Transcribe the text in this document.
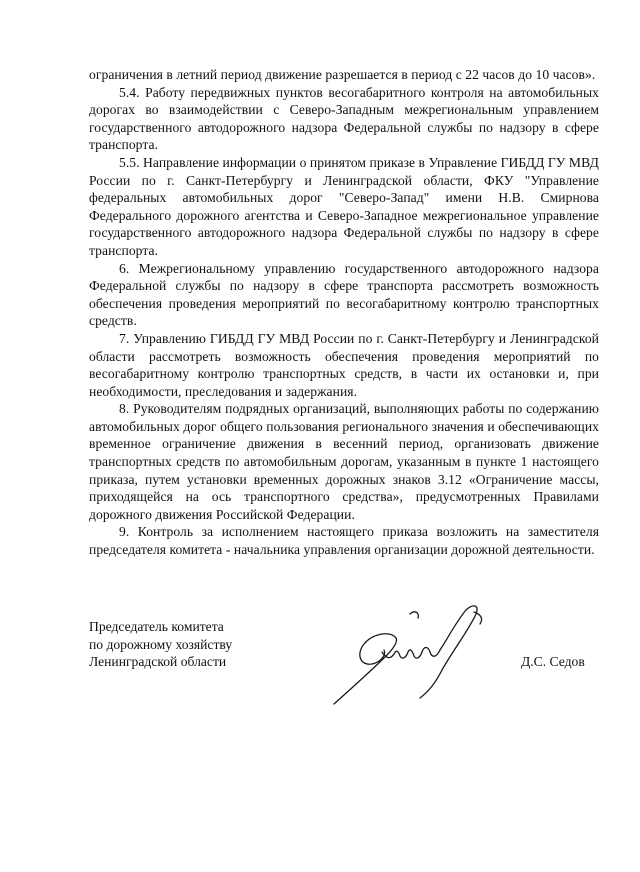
ограничения в летний период движение разрешается в период с 22 часов до 10 часов».

5.4. Работу передвижных пунктов весогабаритного контроля на автомобильных дорогах во взаимодействии с Северо-Западным межрегиональным управлением государственного автодорожного надзора Федеральной службы по надзору в сфере транспорта.

5.5. Направление информации о принятом приказе в Управление ГИБДД ГУ МВД России по г. Санкт-Петербургу и Ленинградской области, ФКУ "Управление федеральных автомобильных дорог "Северо-Запад" имени Н.В. Смирнова Федерального дорожного агентства и Северо-Западное межрегиональное управление государственного автодорожного надзора Федеральной службы по надзору в сфере транспорта.

6. Межрегиональному управлению государственного автодорожного надзора Федеральной службы по надзору в сфере транспорта рассмотреть возможность обеспечения проведения мероприятий по весогабаритному контролю транспортных средств.

7. Управлению ГИБДД ГУ МВД России по г. Санкт-Петербургу и Ленинградской области рассмотреть возможность обеспечения проведения мероприятий по весогабаритному контролю транспортных средств, в части их остановки и, при необходимости, преследования и задержания.

8. Руководителям подрядных организаций, выполняющих работы по содержанию автомобильных дорог общего пользования регионального значения и обеспечивающих временное ограничение движения в весенний период, организовать движение транспортных средств по автомобильным дорогам, указанным в пункте 1 настоящего приказа, путем установки временных дорожных знаков 3.12 «Ограничение массы, приходящейся на ось транспортного средства», предусмотренных Правилами дорожного движения Российской Федерации.

9. Контроль за исполнением настоящего приказа возложить на заместителя председателя комитета - начальника управления организации дорожной деятельности.

Председатель комитета
по дорожному хозяйству
Ленинградской области	Д.С. Седов
